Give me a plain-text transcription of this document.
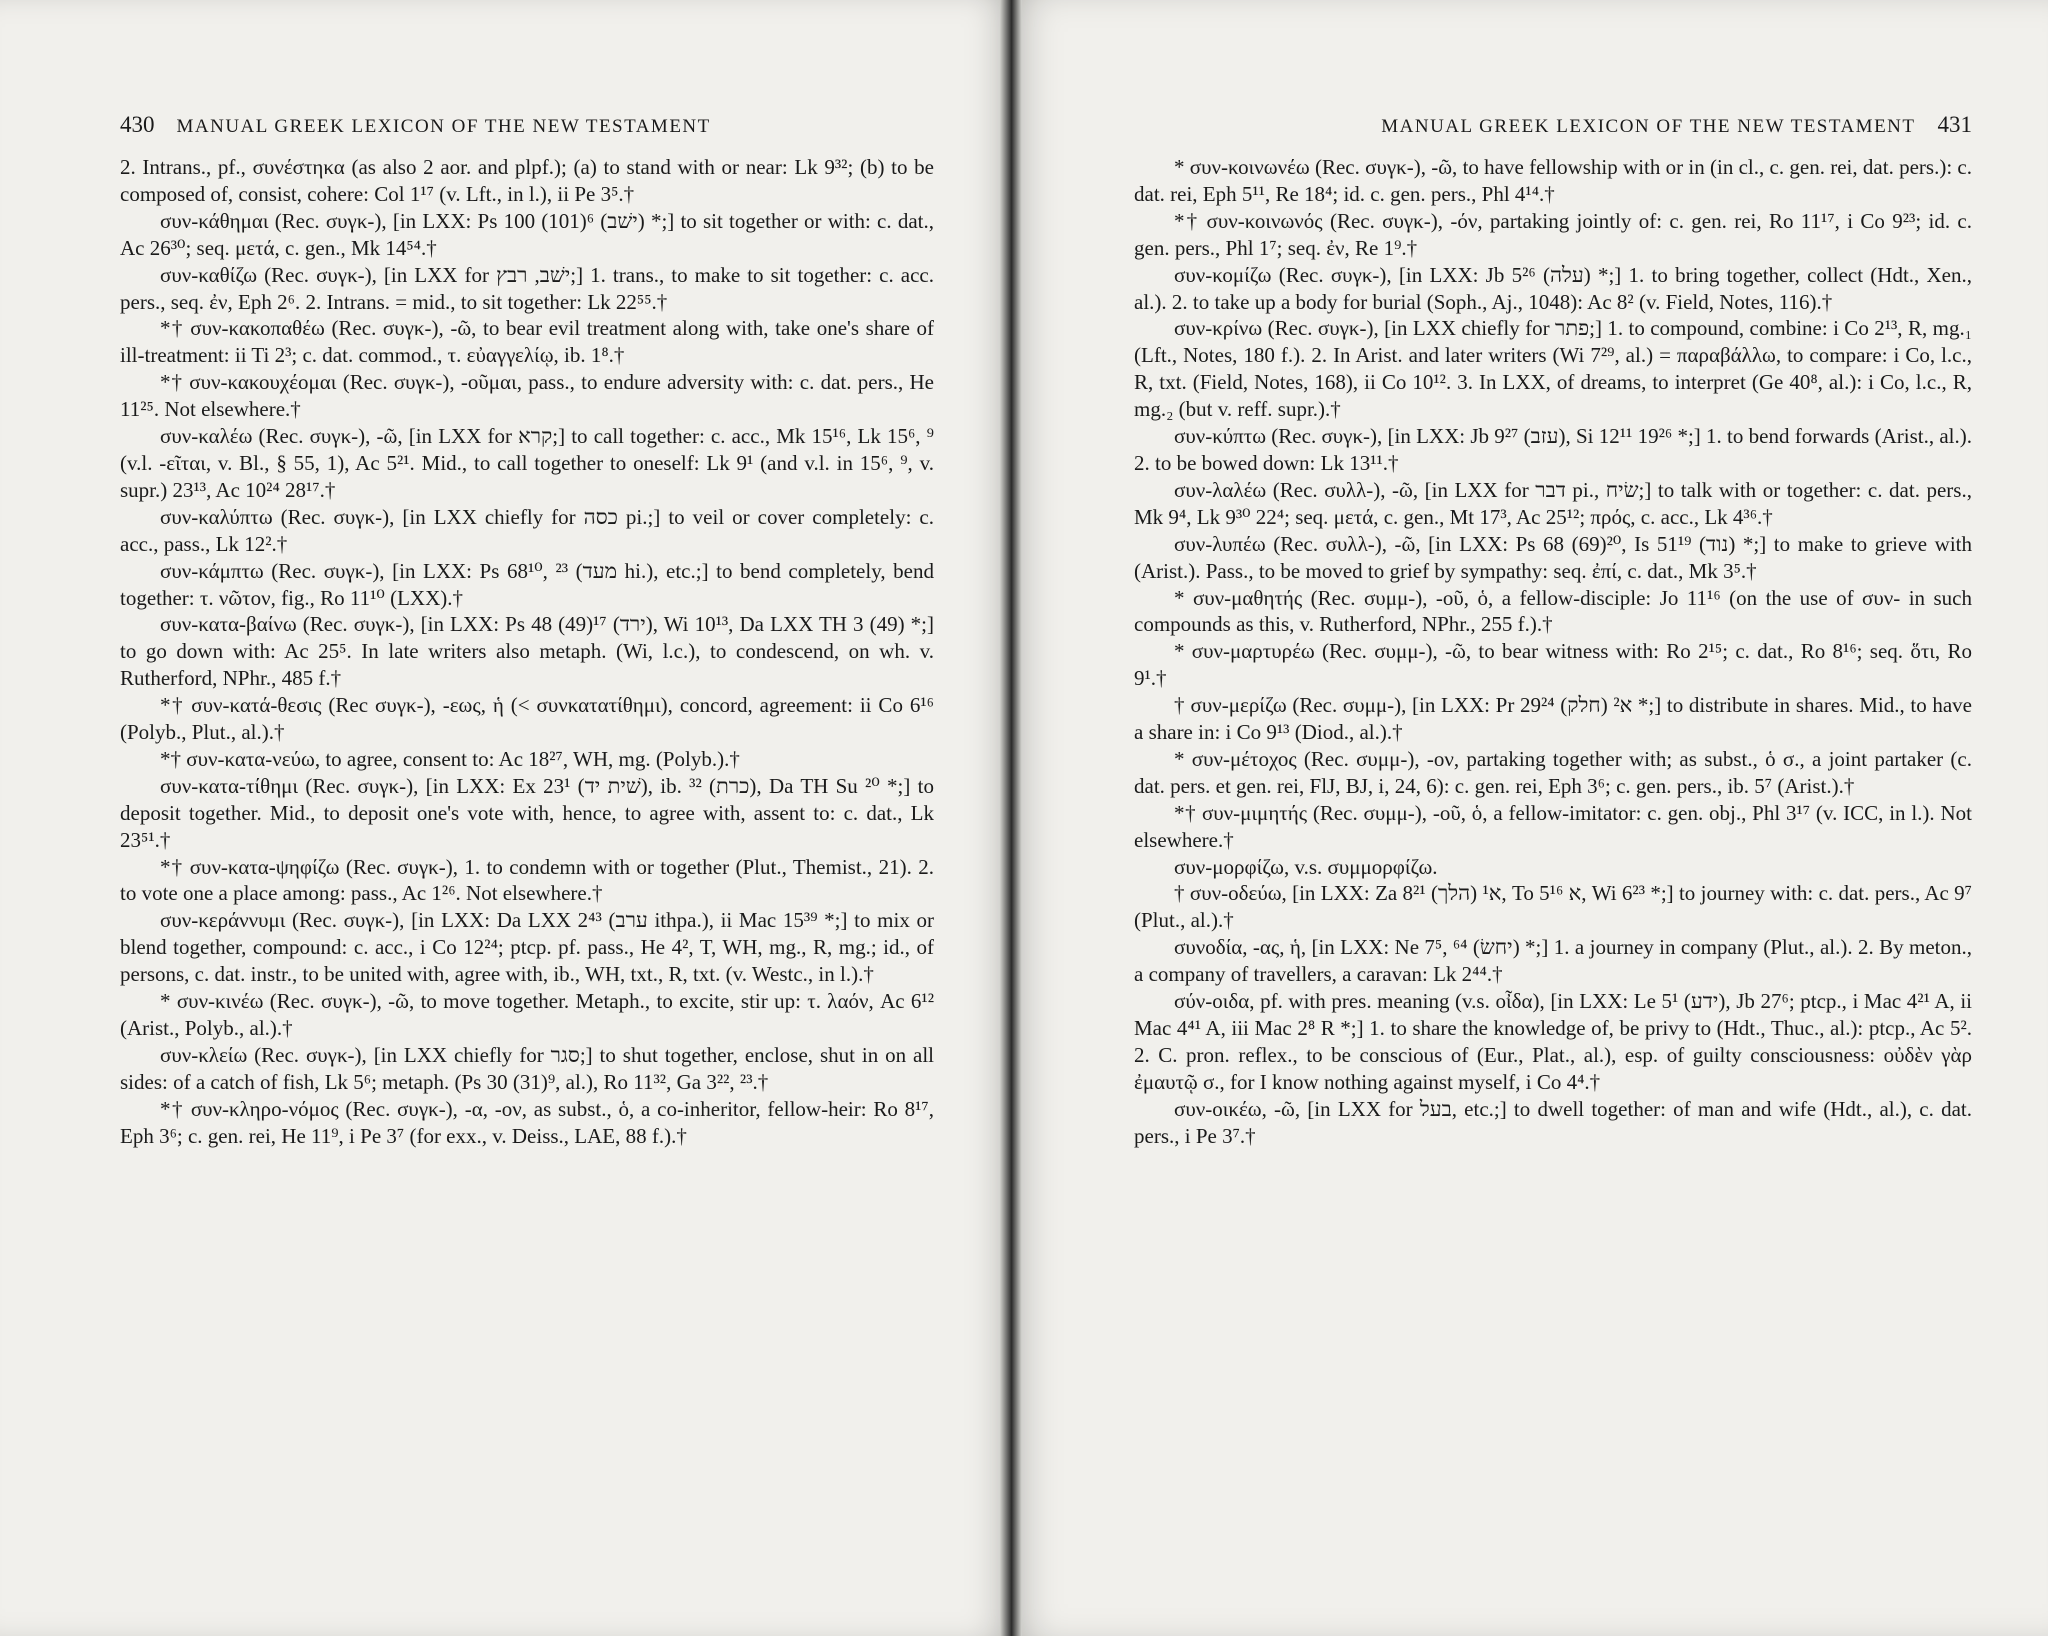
430 MANUAL GREEK LEXICON OF THE NEW TESTAMENT

2. Intrans., pf., συνέστηκα (as also 2 aor. and plpf.); (a) to stand with or near: Lk 9³²; (b) to be composed of, consist, cohere: Col 1¹⁷ (v. Lft., in l.), ii Pe 3⁵.†

συν-κάθημαι (Rec. συγκ-), [in LXX: Ps 100 (101)⁶ (ישׁב) *;] to sit together or with: c. dat., Ac 26³⁰; seq. μετά, c. gen., Mk 14⁵⁴.†

συν-καθίζω (Rec. συγκ-), [in LXX for ישׁב, רבץ;] 1. trans., to make to sit together: c. acc. pers., seq. ἐν, Eph 2⁶. 2. Intrans. = mid., to sit together: Lk 22⁵⁵.†

*† συν-κακοπαθέω (Rec. συγκ-), -ῶ, to bear evil treatment along with, take one's share of ill-treatment: ii Ti 2³; c. dat. commod., τ. εὐαγγελίῳ, ib. 1⁸.†

*† συν-κακουχέομαι (Rec. συγκ-), -οῦμαι, pass., to endure adversity with: c. dat. pers., He 11²⁵. Not elsewhere.†

συν-καλέω (Rec. συγκ-), -ῶ, [in LXX for קרא;] to call together: c. acc., Mk 15¹⁶, Lk 15⁶, ⁹ (v.l. -εῖται, v. Bl., § 55, 1), Ac 5²¹. Mid., to call together to oneself: Lk 9¹ (and v.l. in 15⁶, ⁹, v. supr.) 23¹³, Ac 10²⁴ 28¹⁷.†

συν-καλύπτω (Rec. συγκ-), [in LXX chiefly for כסה pi.;] to veil or cover completely: c. acc., pass., Lk 12².†

συν-κάμπτω (Rec. συγκ-), [in LXX: Ps 68¹⁰, ²³ (מעד hi.), etc.;] to bend completely, bend together: τ. νῶτον, fig., Ro 11¹⁰ (LXX).†

συν-κατα-βαίνω (Rec. συγκ-), [in LXX: Ps 48 (49)¹⁷ (ירד), Wi 10¹³, Da LXX TH 3 (49) *;] to go down with: Ac 25⁵. In late writers also metaph. (Wi, l.c.), to condescend, on wh. v. Rutherford, NPhr., 485 f.†

*† συν-κατά-θεσις (Rec συγκ-), -εως, ἡ (< συνκατατίθημι), concord, agreement: ii Co 6¹⁶ (Polyb., Plut., al.).†

*† συν-κατα-νεύω, to agree, consent to: Ac 18²⁷, WH, mg. (Polyb.).†

συν-κατα-τίθημι (Rec. συγκ-), [in LXX: Ex 23¹ (שׁית יד), ib. ³² (כרת), Da TH Su ²⁰ *;] to deposit together. Mid., to deposit one's vote with, hence, to agree with, assent to: c. dat., Lk 23⁵¹.†

*† συν-κατα-ψηφίζω (Rec. συγκ-), 1. to condemn with or together (Plut., Themist., 21). 2. to vote one a place among: pass., Ac 1²⁶. Not elsewhere.†

συν-κεράννυμι (Rec. συγκ-), [in LXX: Da LXX 2⁴³ (ערב ithpa.), ii Mac 15³⁹ *;] to mix or blend together, compound: c. acc., i Co 12²⁴; ptcp. pf. pass., He 4², T, WH, mg., R, mg.; id., of persons, c. dat. instr., to be united with, agree with, ib., WH, txt., R, txt. (v. Westc., in l.).†

* συν-κινέω (Rec. συγκ-), -ῶ, to move together. Metaph., to excite, stir up: τ. λαόν, Ac 6¹² (Arist., Polyb., al.).†

συν-κλείω (Rec. συγκ-), [in LXX chiefly for סגר;] to shut together, enclose, shut in on all sides: of a catch of fish, Lk 5⁶; metaph. (Ps 30 (31)⁹, al.), Ro 11³², Ga 3²², ²³.†

*† συν-κληρο-νόμος (Rec. συγκ-), -α, -ον, as subst., ὁ, a co-inheritor, fellow-heir: Ro 8¹⁷, Eph 3⁶; c. gen. rei, He 11⁹, i Pe 3⁷ (for exx., v. Deiss., LAE, 88 f.).†

MANUAL GREEK LEXICON OF THE NEW TESTAMENT 431

* συν-κοινωνέω (Rec. συγκ-), -ῶ, to have fellowship with or in (in cl., c. gen. rei, dat. pers.): c. dat. rei, Eph 5¹¹, Re 18⁴; id. c. gen. pers., Phl 4¹⁴.†

*† συν-κοινωνός (Rec. συγκ-), -όν, partaking jointly of: c. gen. rei, Ro 11¹⁷, i Co 9²³; id. c. gen. pers., Phl 1⁷; seq. ἐν, Re 1⁹.†

συν-κομίζω (Rec. συγκ-), [in LXX: Jb 5²⁶ (עלה) *;] 1. to bring together, collect (Hdt., Xen., al.). 2. to take up a body for burial (Soph., Aj., 1048): Ac 8² (v. Field, Notes, 116).†

συν-κρίνω (Rec. συγκ-), [in LXX chiefly for פתר;] 1. to compound, combine: i Co 2¹³, R, mg.₁ (Lft., Notes, 180 f.). 2. In Arist. and later writers (Wi 7²⁹, al.) = παραβάλλω, to compare: i Co, l.c., R, txt. (Field, Notes, 168), ii Co 10¹². 3. In LXX, of dreams, to interpret (Ge 40⁸, al.): i Co, l.c., R, mg.₂ (but v. reff. supr.).†

συν-κύπτω (Rec. συγκ-), [in LXX: Jb 9²⁷ (עזב), Si 12¹¹ 19²⁶ *;] 1. to bend forwards (Arist., al.). 2. to be bowed down: Lk 13¹¹.†

συν-λαλέω (Rec. συλλ-), -ῶ, [in LXX for דבר pi., שׂיח;] to talk with or together: c. dat. pers., Mk 9⁴, Lk 9³⁰ 22⁴; seq. μετά, c. gen., Mt 17³, Ac 25¹²; πρός, c. acc., Lk 4³⁶.†

συν-λυπέω (Rec. συλλ-), -ῶ, [in LXX: Ps 68 (69)²⁰, Is 51¹⁹ (נוד) *;] to make to grieve with (Arist.). Pass., to be moved to grief by sympathy: seq. ἐπί, c. dat., Mk 3⁵.†

* συν-μαθητής (Rec. συμμ-), -οῦ, ὁ, a fellow-disciple: Jo 11¹⁶ (on the use of συν- in such compounds as this, v. Rutherford, NPhr., 255 f.).†

* συν-μαρτυρέω (Rec. συμμ-), -ῶ, to bear witness with: Ro 2¹⁵; c. dat., Ro 8¹⁶; seq. ὅτι, Ro 9¹.†

† συν-μερίζω (Rec. συμμ-), [in LXX: Pr 29²⁴ א² (חלק) *;] to distribute in shares. Mid., to have a share in: i Co 9¹³ (Diod., al.).†

* συν-μέτοχος (Rec. συμμ-), -ον, partaking together with; as subst., ὁ σ., a joint partaker (c. dat. pers. et gen. rei, FlJ, BJ, i, 24, 6): c. gen. rei, Eph 3⁶; c. gen. pers., ib. 5⁷ (Arist.).†

*† συν-μιμητής (Rec. συμμ-), -οῦ, ὁ, a fellow-imitator: c. gen. obj., Phl 3¹⁷ (v. ICC, in l.). Not elsewhere.†

συν-μορφίζω, v.s. συμμορφίζω.

† συν-οδεύω, [in LXX: Za 8²¹ א¹ (הלך), To 5¹⁶ א, Wi 6²³ *;] to journey with: c. dat. pers., Ac 9⁷ (Plut., al.).†

συνοδία, -ας, ἡ, [in LXX: Ne 7⁵, ⁶⁴ (יחשׂ) *;] 1. a journey in company (Plut., al.). 2. By meton., a company of travellers, a caravan: Lk 2⁴⁴.†

σύν-οιδα, pf. with pres. meaning (v.s. οἶδα), [in LXX: Le 5¹ (ידע), Jb 27⁶; ptcp., i Mac 4²¹ A, ii Mac 4⁴¹ A, iii Mac 2⁸ R *;] 1. to share the knowledge of, be privy to (Hdt., Thuc., al.): ptcp., Ac 5². 2. C. pron. reflex., to be conscious of (Eur., Plat., al.), esp. of guilty consciousness: οὐδὲν γὰρ ἐμαυτῷ σ., for I know nothing against myself, i Co 4⁴.†

συν-οικέω, -ῶ, [in LXX for בעל, etc.;] to dwell together: of man and wife (Hdt., al.), c. dat. pers., i Pe 3⁷.†
